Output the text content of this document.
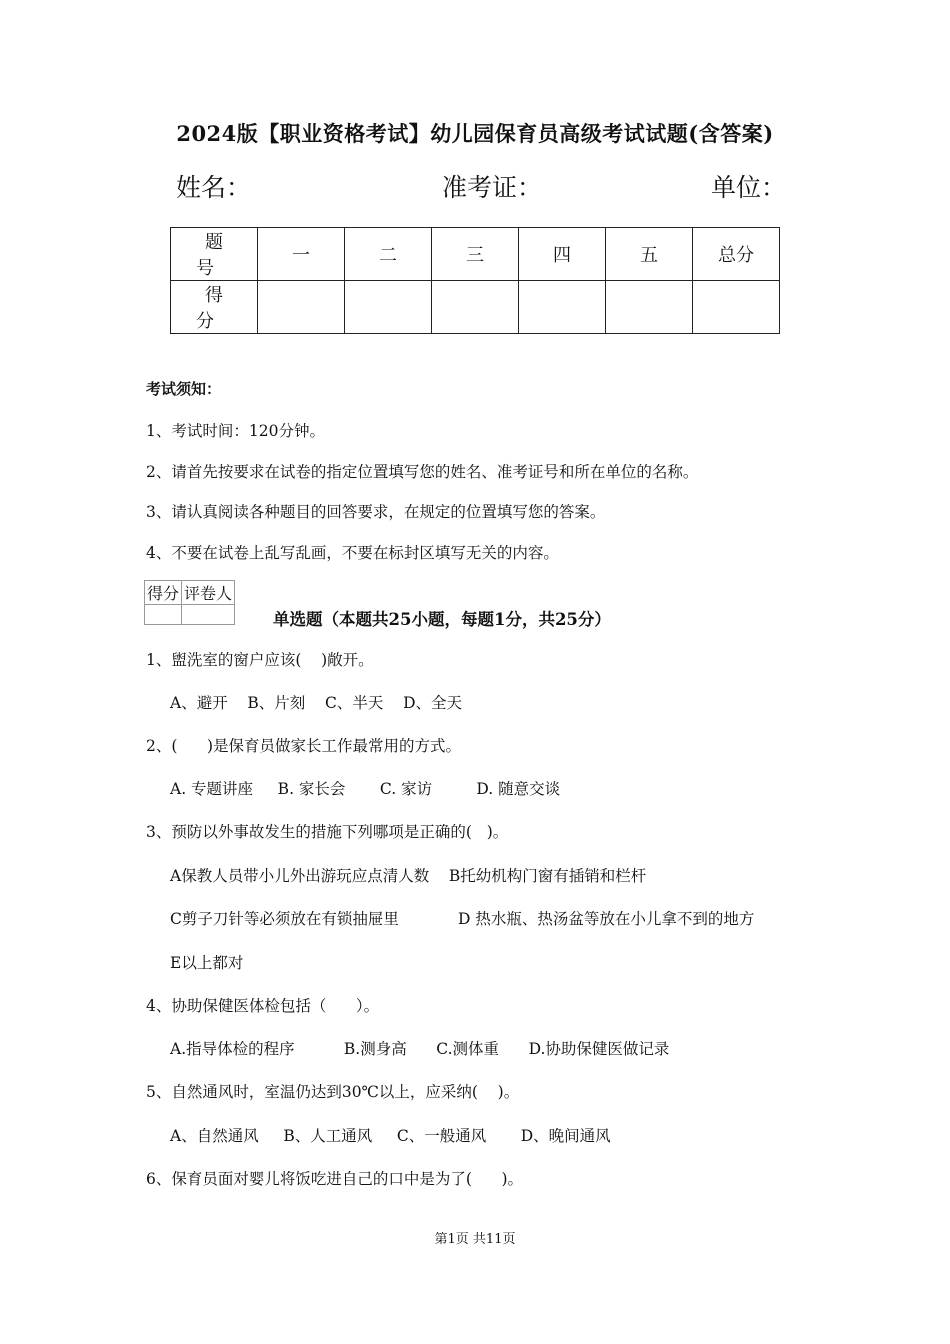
2024版【职业资格考试】幼儿园保育员高级考试试题(含答案)
姓名：	准考证：	单位：
题 号	一	二	三	四	五	总分
得 分						
考试须知：
1、考试时间：120分钟。
2、请首先按要求在试卷的指定位置填写您的姓名、准考证号和所在单位的名称。
3、请认真阅读各种题目的回答要求，在规定的位置填写您的答案。
4、不要在试卷上乱写乱画，不要在标封区填写无关的内容。
得分	评卷人

单选题（本题共25小题，每题1分，共25分）
1、盥洗室的窗户应该(    )敞开。
A、避开    B、片刻    C、半天    D、全天
2、(      )是保育员做家长工作最常用的方式。
A. 专题讲座     B. 家长会       C. 家访         D. 随意交谈
3、预防以外事故发生的措施下列哪项是正确的(   )。
A保教人员带小儿外出游玩应点清人数    B托幼机构门窗有插销和栏杆
C剪子刀针等必须放在有锁抽屉里            D 热水瓶、热汤盆等放在小儿拿不到的地方
E以上都对
4、协助保健医体检包括（      ）。
A.指导体检的程序          B.测身高      C.测体重      D.协助保健医做记录
5、自然通风时，室温仍达到30℃以上，应采纳(    )。
A、自然通风     B、人工通风     C、一般通风       D、晚间通风
6、保育员面对婴儿将饭吃进自己的口中是为了(      )。
第1页 共11页
